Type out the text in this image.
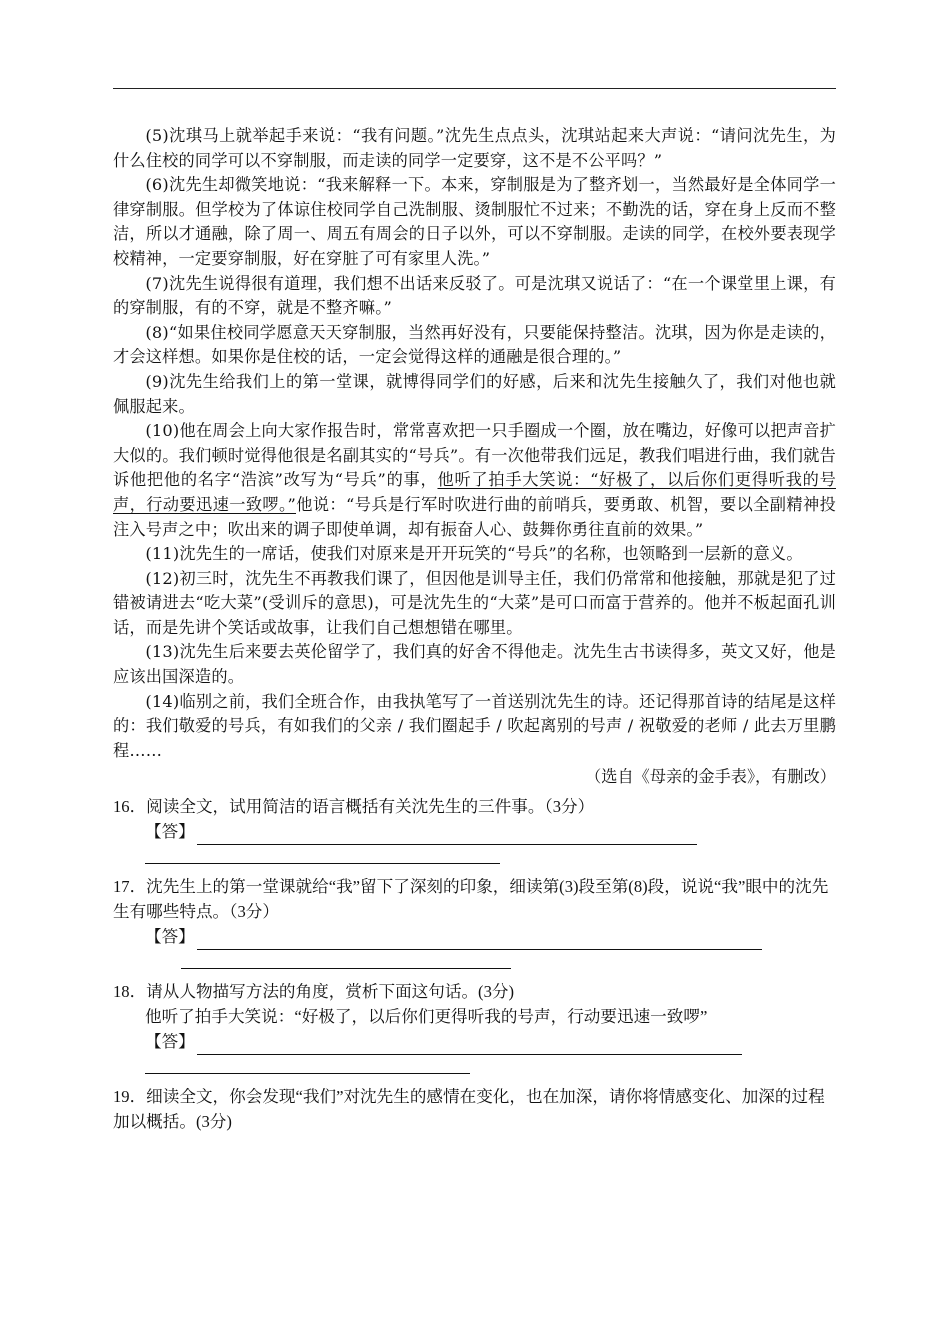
(5)沈琪马上就举起手来说：“我有问题。”沈先生点点头，沈琪站起来大声说：“请问沈先生，为什么住校的同学可以不穿制服，而走读的同学一定要穿，这不是不公平吗？”

(6)沈先生却微笑地说：“我来解释一下。本来，穿制服是为了整齐划一，当然最好是全体同学一律穿制服。但学校为了体谅住校同学自己洗制服、烫制服忙不过来；不勤洗的话，穿在身上反而不整洁，所以才通融，除了周一、周五有周会的日子以外，可以不穿制服。走读的同学，在校外要表现学校精神，一定要穿制服，好在穿脏了可有家里人洗。”

(7)沈先生说得很有道理，我们想不出话来反驳了。可是沈琪又说话了：“在一个课堂里上课，有的穿制服，有的不穿，就是不整齐嘛。”

(8)“如果住校同学愿意天天穿制服，当然再好没有，只要能保持整洁。沈琪，因为你是走读的，才会这样想。如果你是住校的话，一定会觉得这样的通融是很合理的。”

(9)沈先生给我们上的第一堂课，就博得同学们的好感，后来和沈先生接触久了，我们对他也就佩服起来。

(10)他在周会上向大家作报告时，常常喜欢把一只手圈成一个圈，放在嘴边，好像可以把声音扩大似的。我们顿时觉得他很是名副其实的“号兵”。有一次他带我们远足，教我们唱进行曲，我们就告诉他把他的名字“浩滨”改写为“号兵”的事，他听了拍手大笑说：“好极了，以后你们更得听我的号声，行动要迅速一致啰。”他说：“号兵是行军时吹进行曲的前哨兵，要勇敢、机智，要以全副精神投注入号声之中；吹出来的调子即使单调，却有振奋人心、鼓舞你勇往直前的效果。”

(11)沈先生的一席话，使我们对原来是开开玩笑的“号兵”的名称，也领略到一层新的意义。

(12)初三时，沈先生不再教我们课了，但因他是训导主任，我们仍常常和他接触，那就是犯了过错被请进去“吃大菜”(受训斥的意思)，可是沈先生的“大菜”是可口而富于营养的。他并不板起面孔训话，而是先讲个笑话或故事，让我们自己想想错在哪里。

(13)沈先生后来要去英伦留学了，我们真的好舍不得他走。沈先生古书读得多，英文又好，他是应该出国深造的。

(14)临别之前，我们全班合作，由我执笔写了一首送别沈先生的诗。还记得那首诗的结尾是这样的：我们敬爱的号兵，有如我们的父亲 / 我们圈起手 / 吹起离别的号声 / 祝敬爱的老师 / 此去万里鹏程……

（选自《母亲的金手表》，有删改）

16．阅读全文，试用简洁的语言概括有关沈先生的三件事。（3分）

【答】

17．沈先生上的第一堂课就给“我”留下了深刻的印象，细读第(3)段至第(8)段，说说“我”眼中的沈先生有哪些特点。（3分）

【答】

18．请从人物描写方法的角度，赏析下面这句话。(3分)

他听了拍手大笑说：“好极了，以后你们更得听我的号声，行动要迅速一致啰”

【答】

19．细读全文，你会发现“我们”对沈先生的感情在变化，也在加深，请你将情感变化、加深的过程加以概括。(3分)
